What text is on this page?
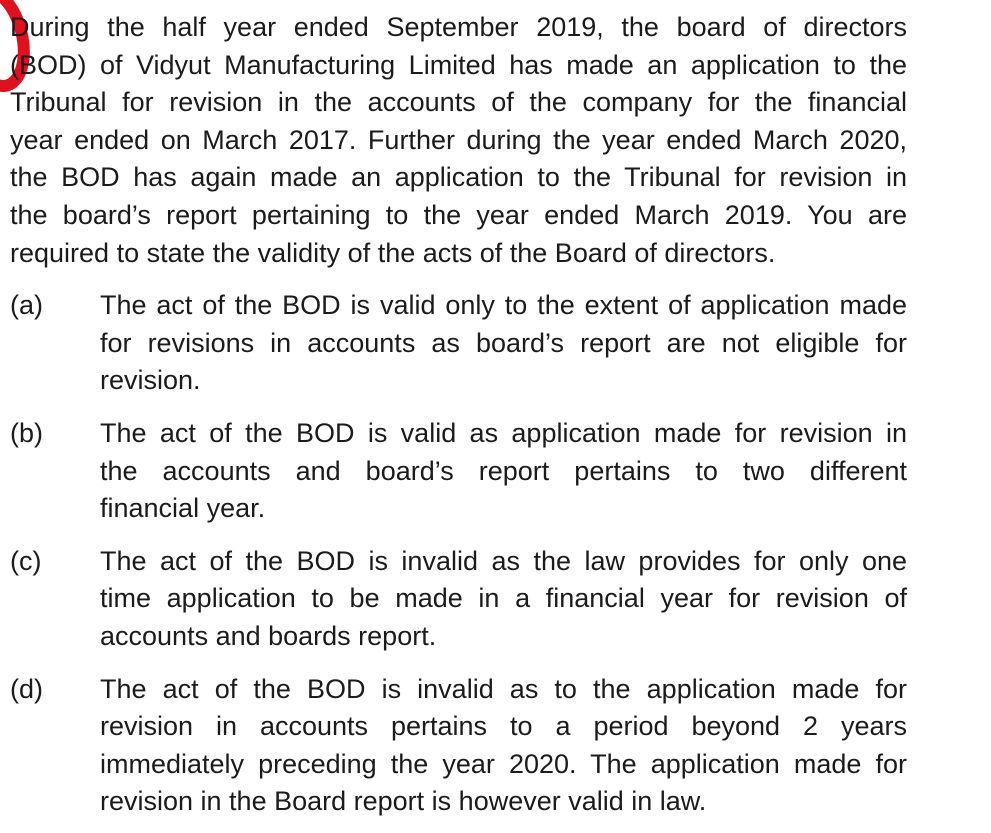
During the half year ended September 2019, the board of directors
(BOD) of Vidyut Manufacturing Limited has made an application to the
Tribunal for revision in the accounts of the company for the financial
year ended on March 2017. Further during the year ended March 2020,
the BOD has again made an application to the Tribunal for revision in
the board’s report pertaining to the year ended March 2019. You are
required to state the validity of the acts of the Board of directors.
(a)	The act of the BOD is valid only to the extent of application made
for revisions in accounts as board’s report are not eligible for
revision.
(b)	The act of the BOD is valid as application made for revision in
the accounts and board’s report pertains to two different
financial year.
(c)	The act of the BOD is invalid as the law provides for only one
time application to be made in a financial year for revision of
accounts and boards report.
(d)	The act of the BOD is invalid as to the application made for
revision in accounts pertains to a period beyond 2 years
immediately preceding the year 2020. The application made for
revision in the Board report is however valid in law.
